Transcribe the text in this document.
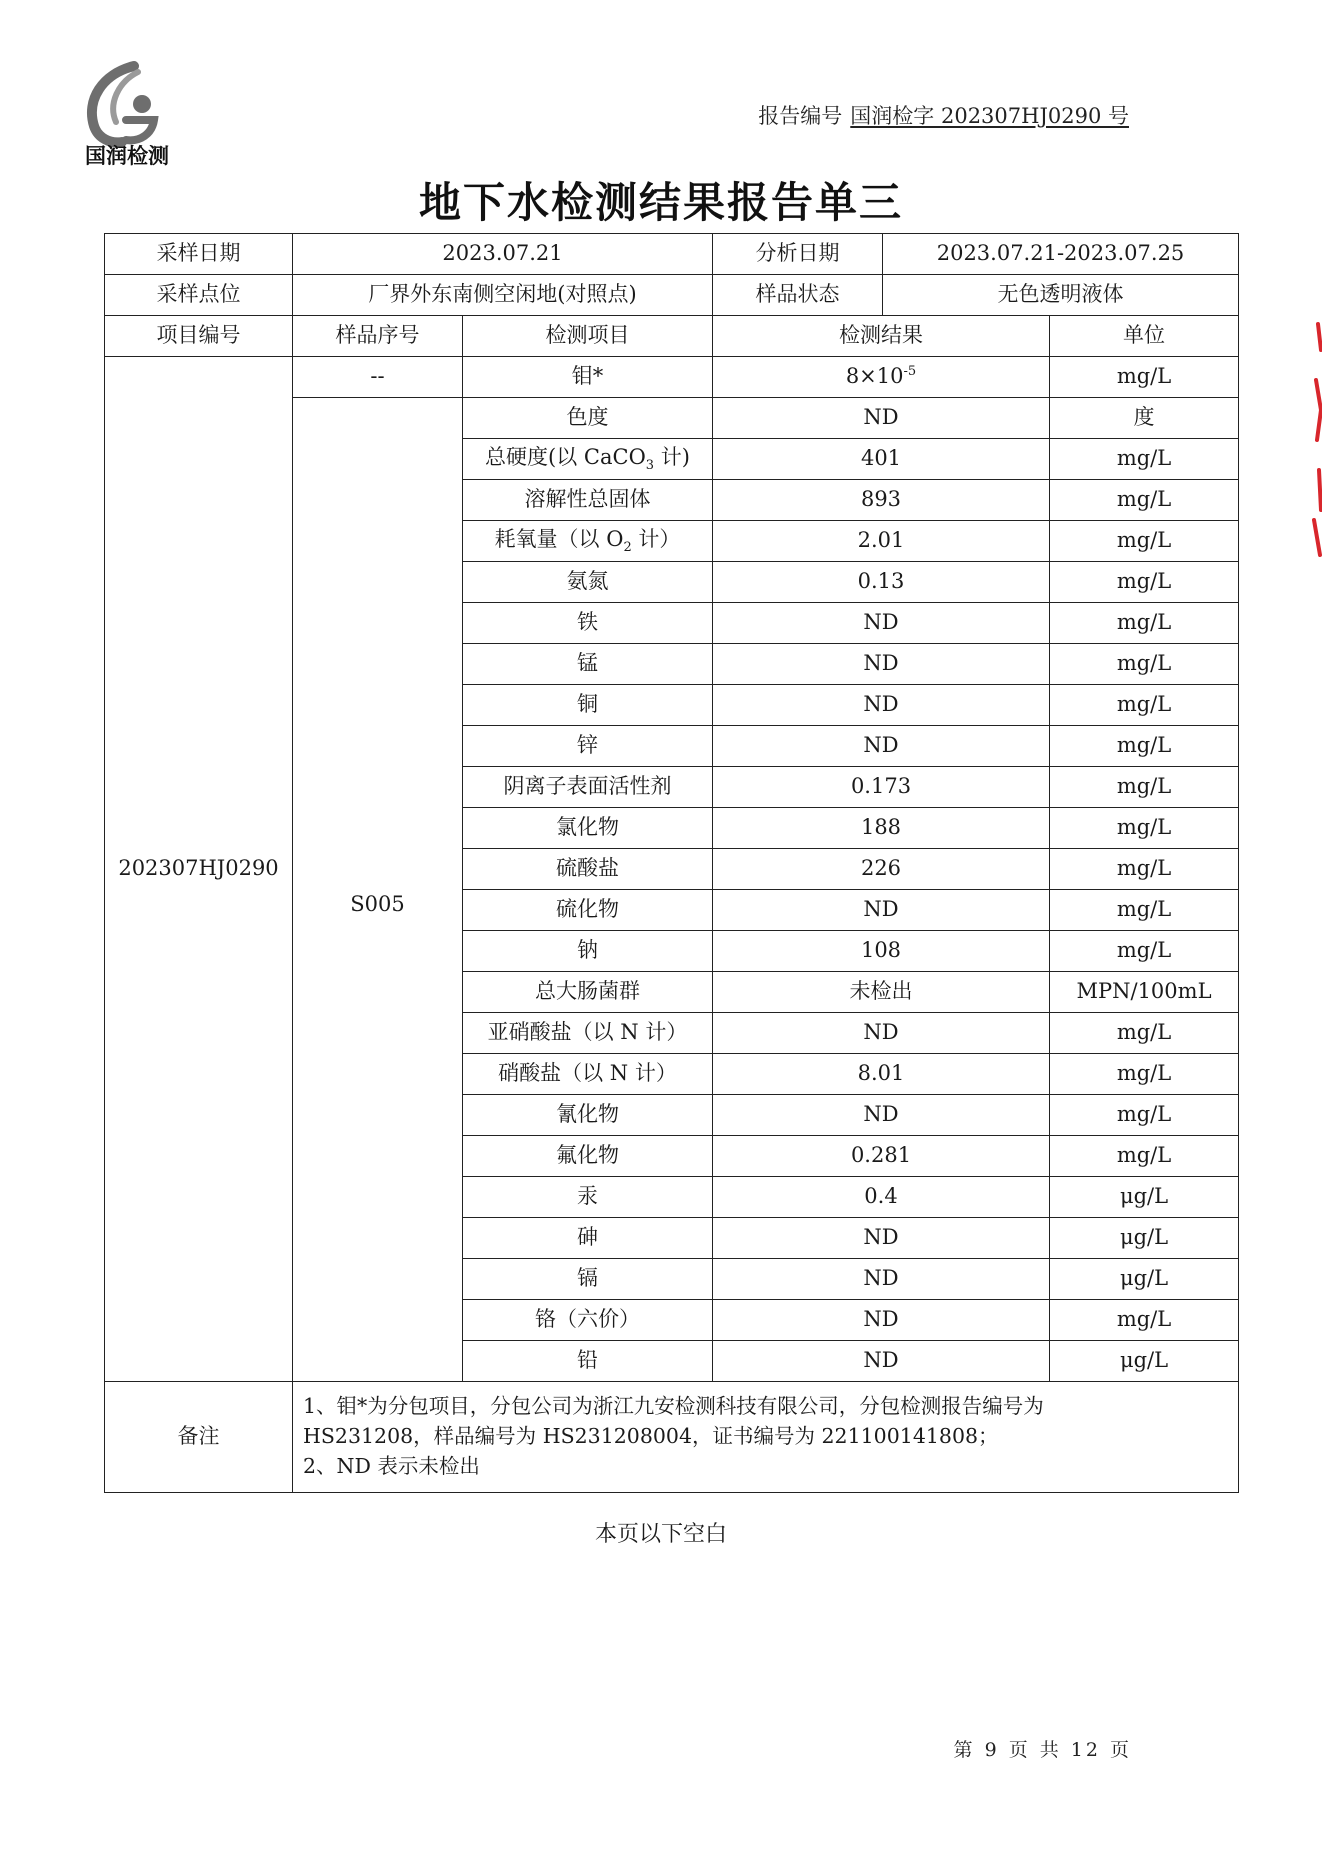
国润检测
报告编号 国润检字 202307HJ0290 号
地下水检测结果报告单三
采样日期	2023.07.21		分析日期	2023.07.21-2023.07.25	
采样点位	厂界外东南侧空闲地(对照点)		样品状态	无色透明液体	
项目编号	样品序号	检测项目	检测结果		单位
202307HJ0290	--	钼*	$8\times 10^{-5}$		mg/L
	S005	色度	ND		度
		总硬度(以 CaCO$_3$ 计)	401		mg/L
		溶解性总固体	893		mg/L
		耗氧量（以 $O_2$ 计）	2.01		mg/L
		氨氮	0.13		mg/L
		铁	ND		mg/L
		锰	ND		mg/L
		铜	ND		mg/L
		锌	ND		mg/L
		阴离子表面活性剂	0.173		mg/L
		氯化物	188		mg/L
		硫酸盐	226		mg/L
		硫化物	ND		mg/L
		钠	108		mg/L
		总大肠菌群	未检出		MPN/100mL
		亚硝酸盐（以 N 计）	ND		mg/L
		硝酸盐（以 N 计）	8.01		mg/L
		氰化物	ND		mg/L
		氟化物	0.281		mg/L
		汞	0.4		μg/L
		砷	ND		μg/L
		镉	ND		μg/L
		铬（六价）	ND		mg/L
		铅	ND		μg/L
备注	1、钼*为分包项目，分包公司为浙江九安检测科技有限公司，分包检测报告编号为
HS231208，样品编号为 HS231208004，证书编号为 221100141808；
2、ND 表示未检出				
本页以下空白
第 9 页 共 12 页
